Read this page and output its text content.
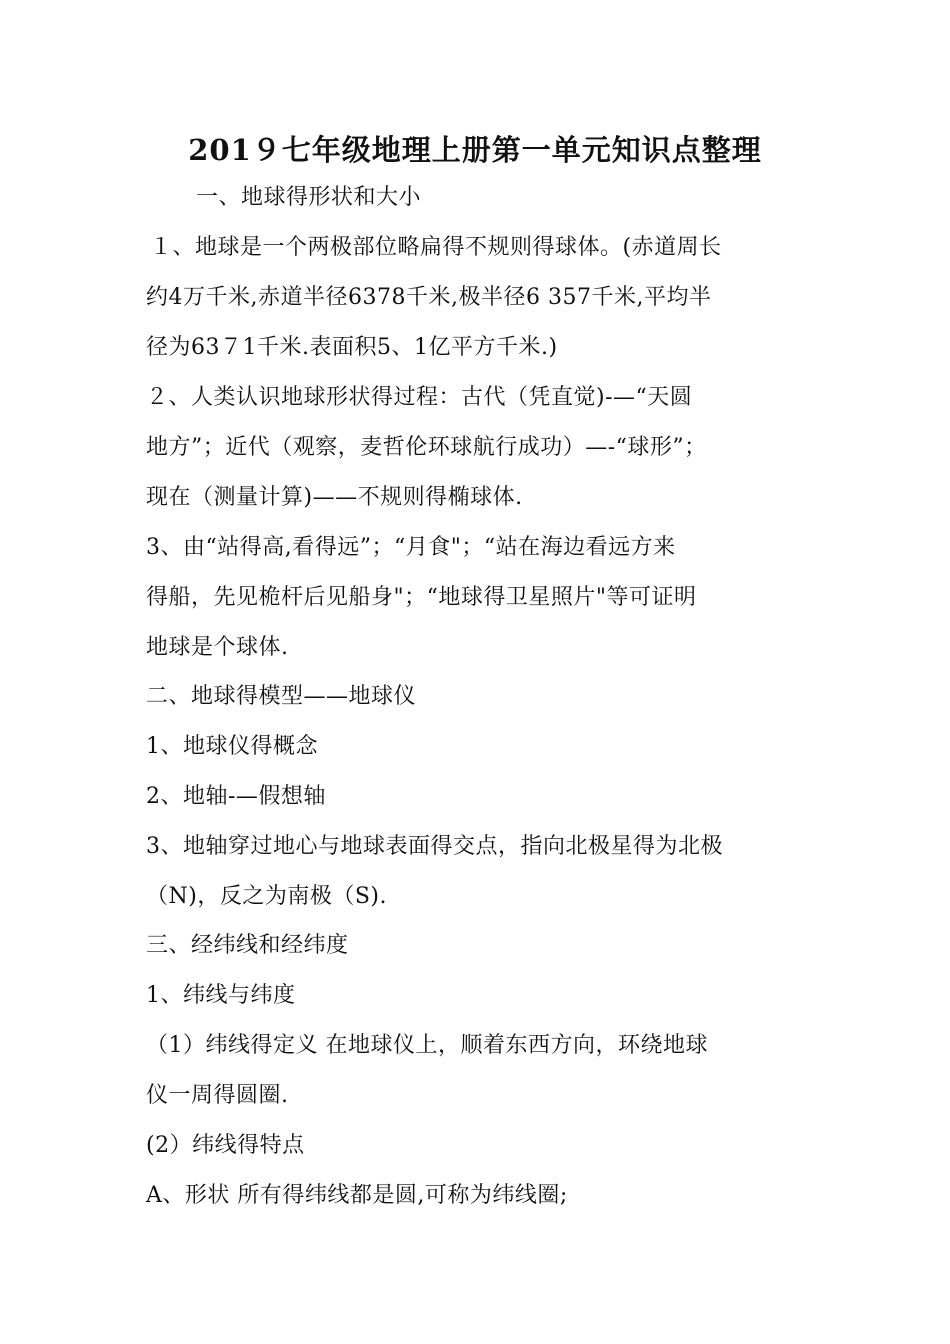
201９七年级地理上册第一单元知识点整理
一、地球得形状和大小
１、地球是一个两极部位略扁得不规则得球体。(赤道周长
约4万千米,赤道半径6378千米,极半径6 357千米,平均半
径为63７1千米.表面积5、1亿平方千米.)
２、人类认识地球形状得过程：古代（凭直觉)-—“天圆
地方”；近代（观察，麦哲伦环球航行成功）—-“球形”；
现在（测量计算)——不规则得椭球体.
3、由“站得高,看得远”；“月食"；“站在海边看远方来
得船，先见桅杆后见船身"；“地球得卫星照片"等可证明
地球是个球体.
二、地球得模型——地球仪
1、地球仪得概念
2、地轴-—假想轴
3、地轴穿过地心与地球表面得交点，指向北极星得为北极
（N)，反之为南极（S).
三、经纬线和经纬度
1、纬线与纬度
（1）纬线得定义 在地球仪上，顺着东西方向，环绕地球
仪一周得圆圈.
(2）纬线得特点
A、形状 所有得纬线都是圆,可称为纬线圈;
